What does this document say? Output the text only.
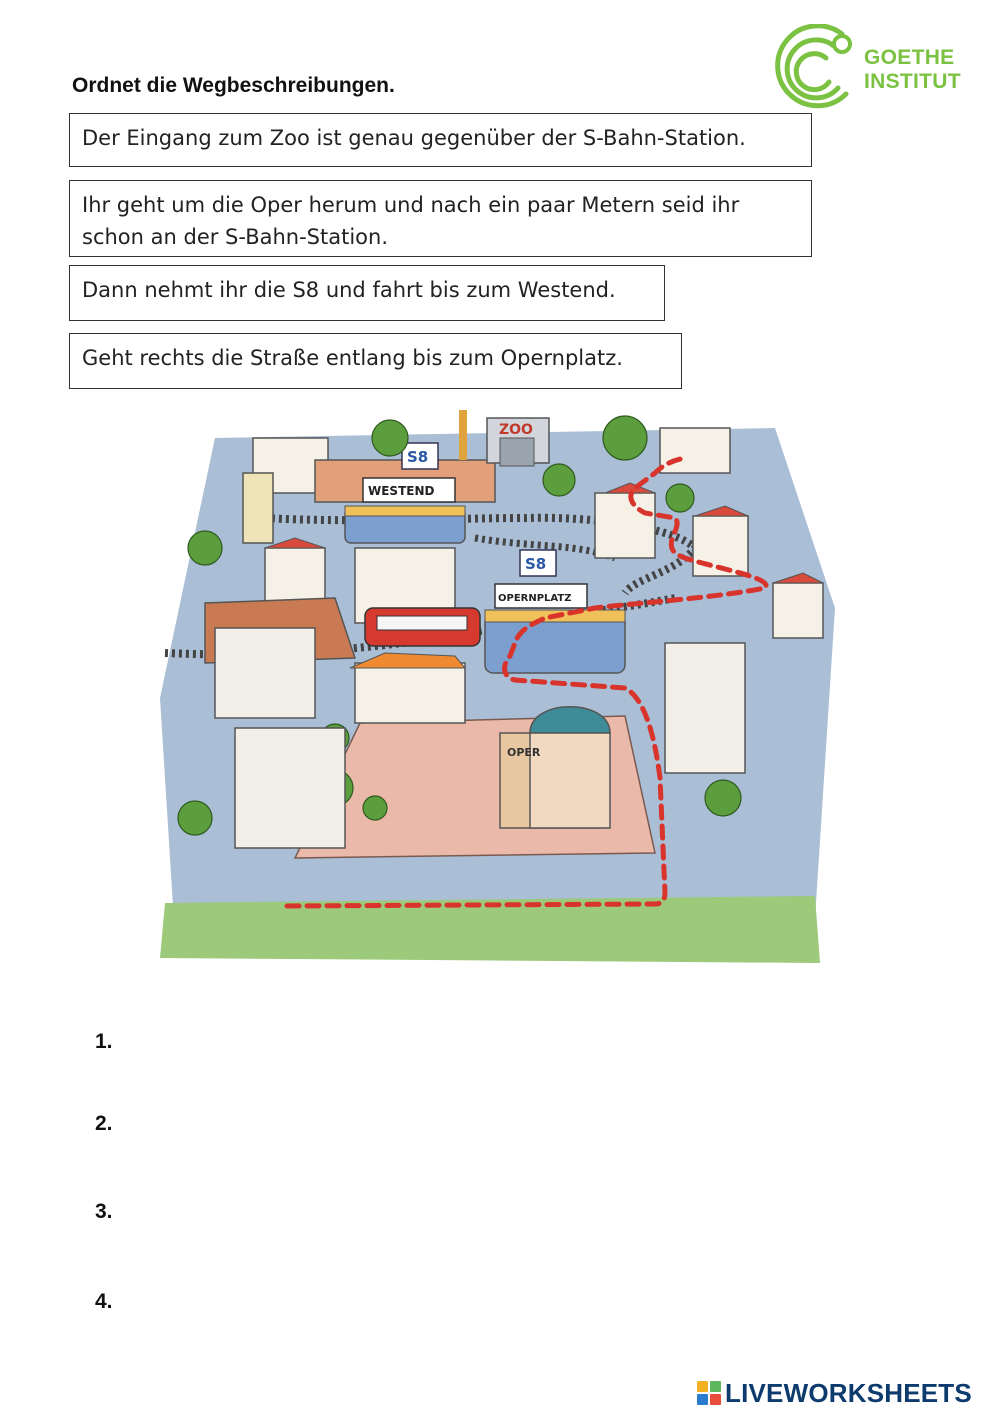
Ordnet die Wegbeschreibungen.
GOETHE
INSTITUT
Der Eingang zum Zoo ist genau gegenüber der S-Bahn-Station.
Ihr geht um die Oper herum und nach ein paar Metern seid ihr schon an der S-Bahn-Station.
Dann nehmt ihr die S8 und fahrt bis zum Westend.
Geht rechts die Straße entlang bis zum Opernplatz.
ZOO
S8
WESTEND
S8
OPERNPLATZ
OPER
1.
2.
3.
4.
LIVEWORKSHEETS
